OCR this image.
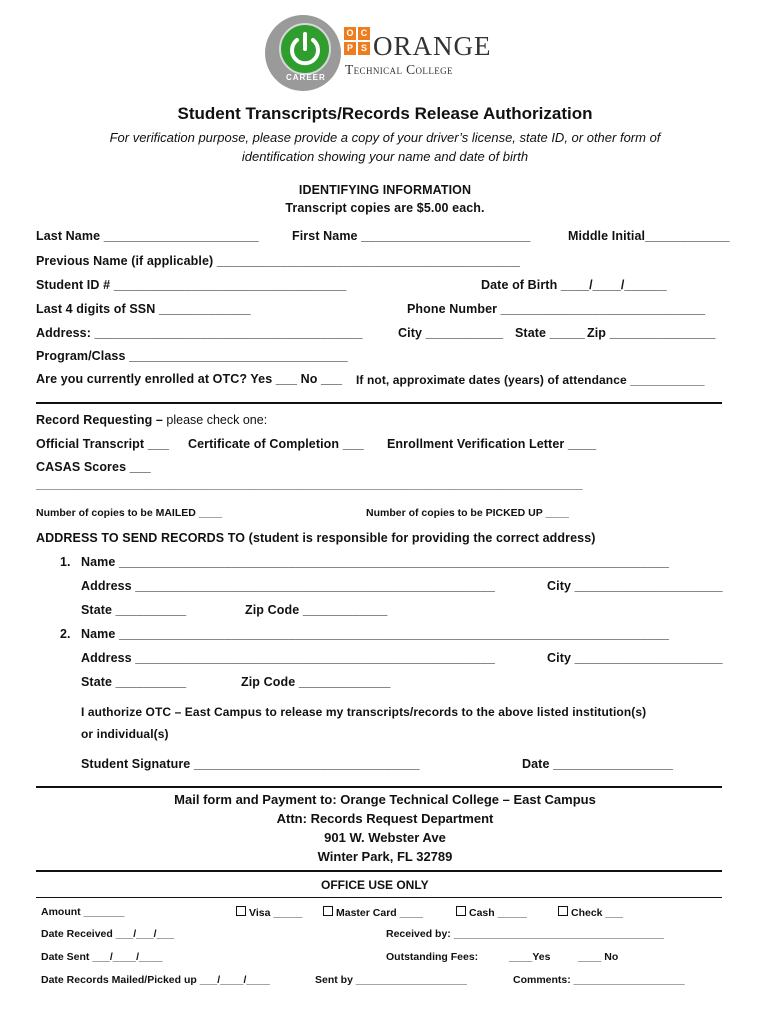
CAREER
O C
P S ORANGE
Technical College
Student Transcripts/Records Release Authorization
For verification purpose, please provide a copy of your driver’s license, state ID, or other form of
identification showing your name and date of birth
IDENTIFYING INFORMATION
Transcript copies are $5.00 each.
Last Name ______________________	First Name ________________________	Middle Initial____________
Previous Name (if applicable) ___________________________________________
Student ID # _________________________________	Date of Birth ____/____/______
Last 4 digits of SSN _____________	Phone Number _____________________________
Address: ______________________________________	City ___________ State _____ Zip _______________
Program/Class _______________________________
Are you currently enrolled at OTC? Yes ___ No ___ If not, approximate dates (years) of attendance ___________
Record Requesting – please check one:
Official Transcript ___ Certificate of Completion ___ Enrollment Verification Letter ____
CASAS Scores ___
__________________________________________________________________________________________
Number of copies to be MAILED ____	Number of copies to be PICKED UP ____
ADDRESS TO SEND RECORDS TO (student is responsible for providing the correct address)
1. Name ______________________________________________________________________________
Address ___________________________________________________	City _____________________
State __________	Zip Code ____________
2. Name ______________________________________________________________________________
Address ___________________________________________________	City _____________________
State __________	Zip Code _____________
I authorize OTC – East Campus to release my transcripts/records to the above listed institution(s)
or individual(s)
Student Signature ________________________________	Date _________________
Mail form and Payment to: Orange Technical College – East Campus
Attn: Records Request Department
901 W. Webster Ave
Winter Park, FL 32789
OFFICE USE ONLY
Amount _______	Visa _____	Master Card ____	Cash _____	Check ___
Date Received ___/___/___	Received by: ____________________________________
Date Sent ___/____/____	Outstanding Fees:	____Yes	____ No
Date Records Mailed/Picked up ___/____/____	Sent by ___________________	Comments: ___________________
